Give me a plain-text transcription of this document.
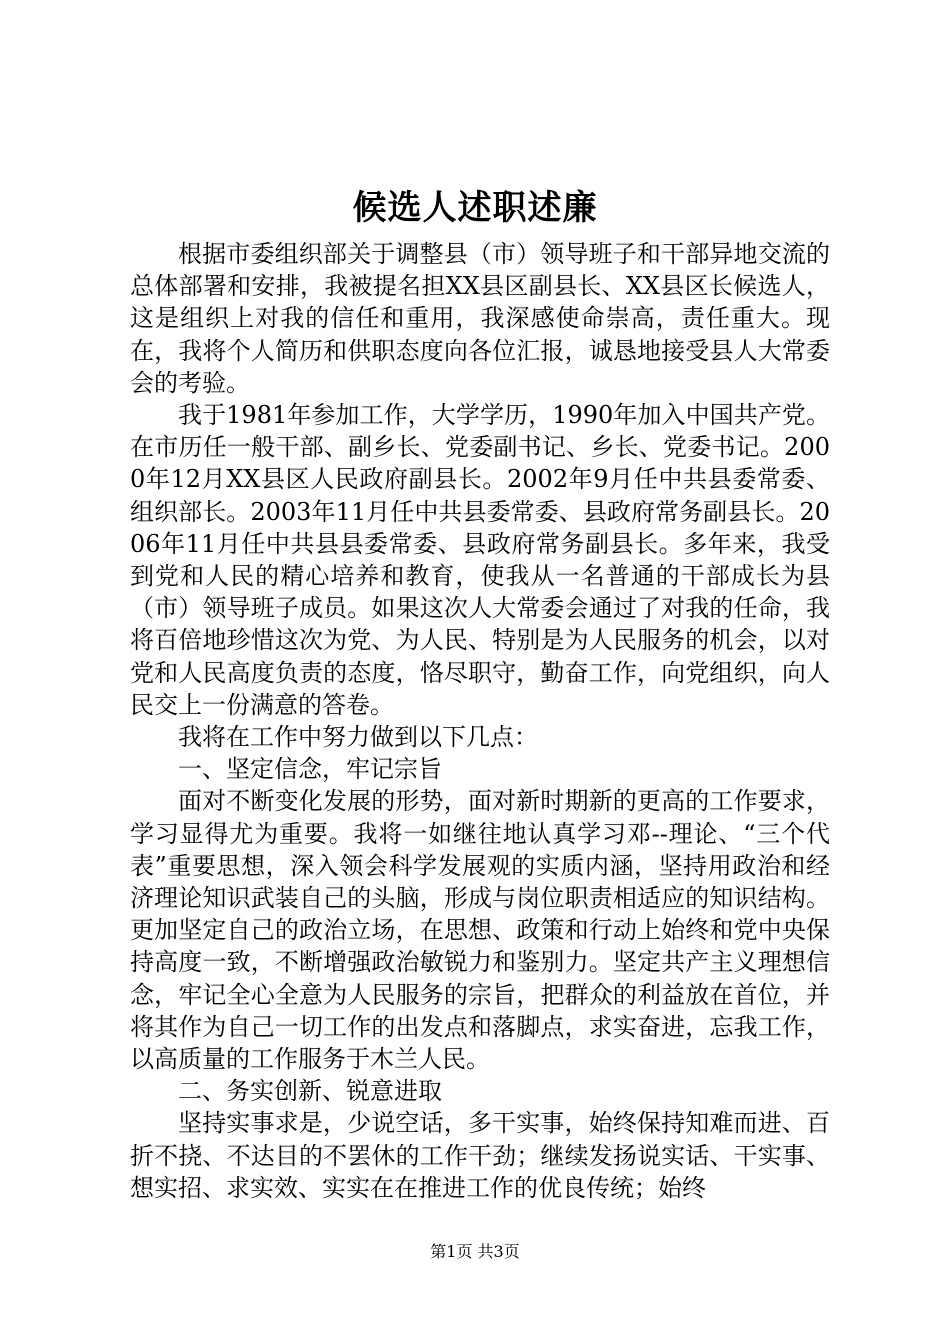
候选人述职述廉

根据市委组织部关于调整县（市）领导班子和干部异地交流的总体部署和安排，我被提名担XX县区副县长、XX县区长候选人，这是组织上对我的信任和重用，我深感使命崇高，责任重大。现在，我将个人简历和供职态度向各位汇报，诚恳地接受县人大常委会的考验。

我于1981年参加工作，大学学历，1990年加入中国共产党。在市历任一般干部、副乡长、党委副书记、乡长、党委书记。2000年12月XX县区人民政府副县长。2002年9月任中共县委常委、组织部长。2003年11月任中共县委常委、县政府常务副县长。2006年11月任中共县县委常委、县政府常务副县长。多年来，我受到党和人民的精心培养和教育，使我从一名普通的干部成长为县（市）领导班子成员。如果这次人大常委会通过了对我的任命，我将百倍地珍惜这次为党、为人民、特别是为人民服务的机会，以对党和人民高度负责的态度，恪尽职守，勤奋工作，向党组织，向人民交上一份满意的答卷。

我将在工作中努力做到以下几点：

一、坚定信念，牢记宗旨

面对不断变化发展的形势，面对新时期新的更高的工作要求，学习显得尤为重要。我将一如继往地认真学习邓--理论、“三个代表”重要思想，深入领会科学发展观的实质内涵，坚持用政治和经济理论知识武装自己的头脑，形成与岗位职责相适应的知识结构。更加坚定自己的政治立场，在思想、政策和行动上始终和党中央保持高度一致，不断增强政治敏锐力和鉴别力。坚定共产主义理想信念，牢记全心全意为人民服务的宗旨，把群众的利益放在首位，并将其作为自己一切工作的出发点和落脚点，求实奋进，忘我工作，以高质量的工作服务于木兰人民。

二、务实创新、锐意进取

坚持实事求是，少说空话，多干实事，始终保持知难而进、百折不挠、不达目的不罢休的工作干劲；继续发扬说实话、干实事、想实招、求实效、实实在在推进工作的优良传统；始终

第1页 共3页
